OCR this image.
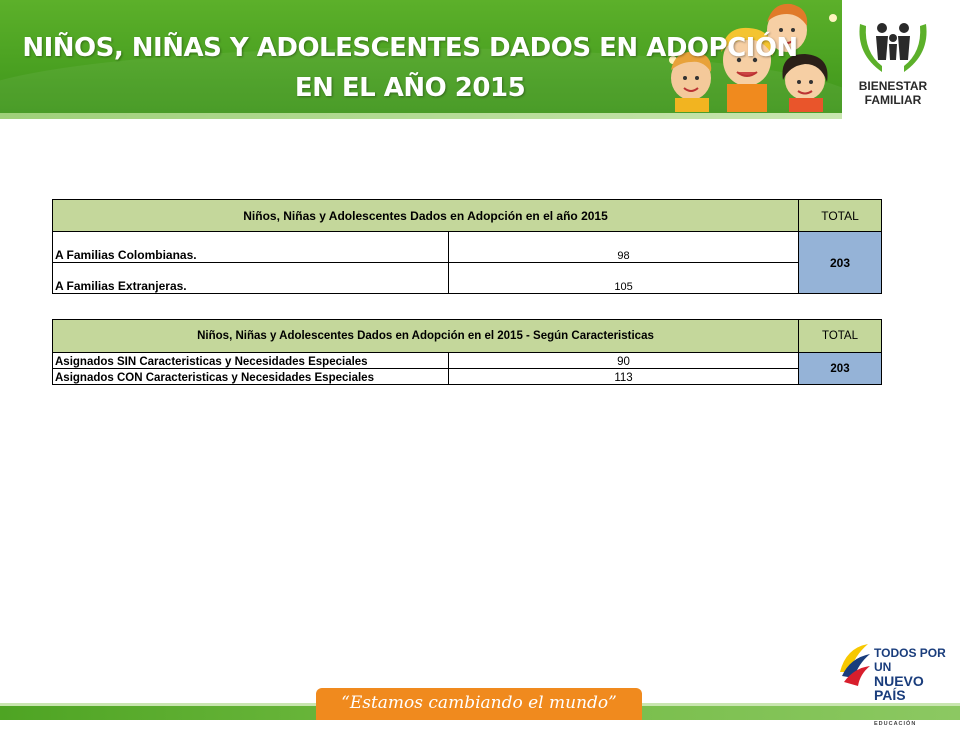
NIÑOS, NIÑAS Y ADOLESCENTES DADOS EN ADOPCIÓN
EN EL AÑO 2015	BIENESTAR
FAMILIAR
Niños, Niñas y Adolescentes Dados en Adopción en el año 2015		TOTAL
A Familias Colombianas.	98	203
A Familias Extranjeras.	105	
Niños, Niñas y Adolescentes Dados en Adopción en el 2015 - Según Caracteristicas		TOTAL
Asignados SIN Caracteristicas y Necesidades Especiales	90	203
Asignados CON Caracteristicas y Necesidades Especiales	113	
TODOS POR UN
NUEVO PAÍS
EDUCACIÓN
“Estamos cambiando el mundo”
